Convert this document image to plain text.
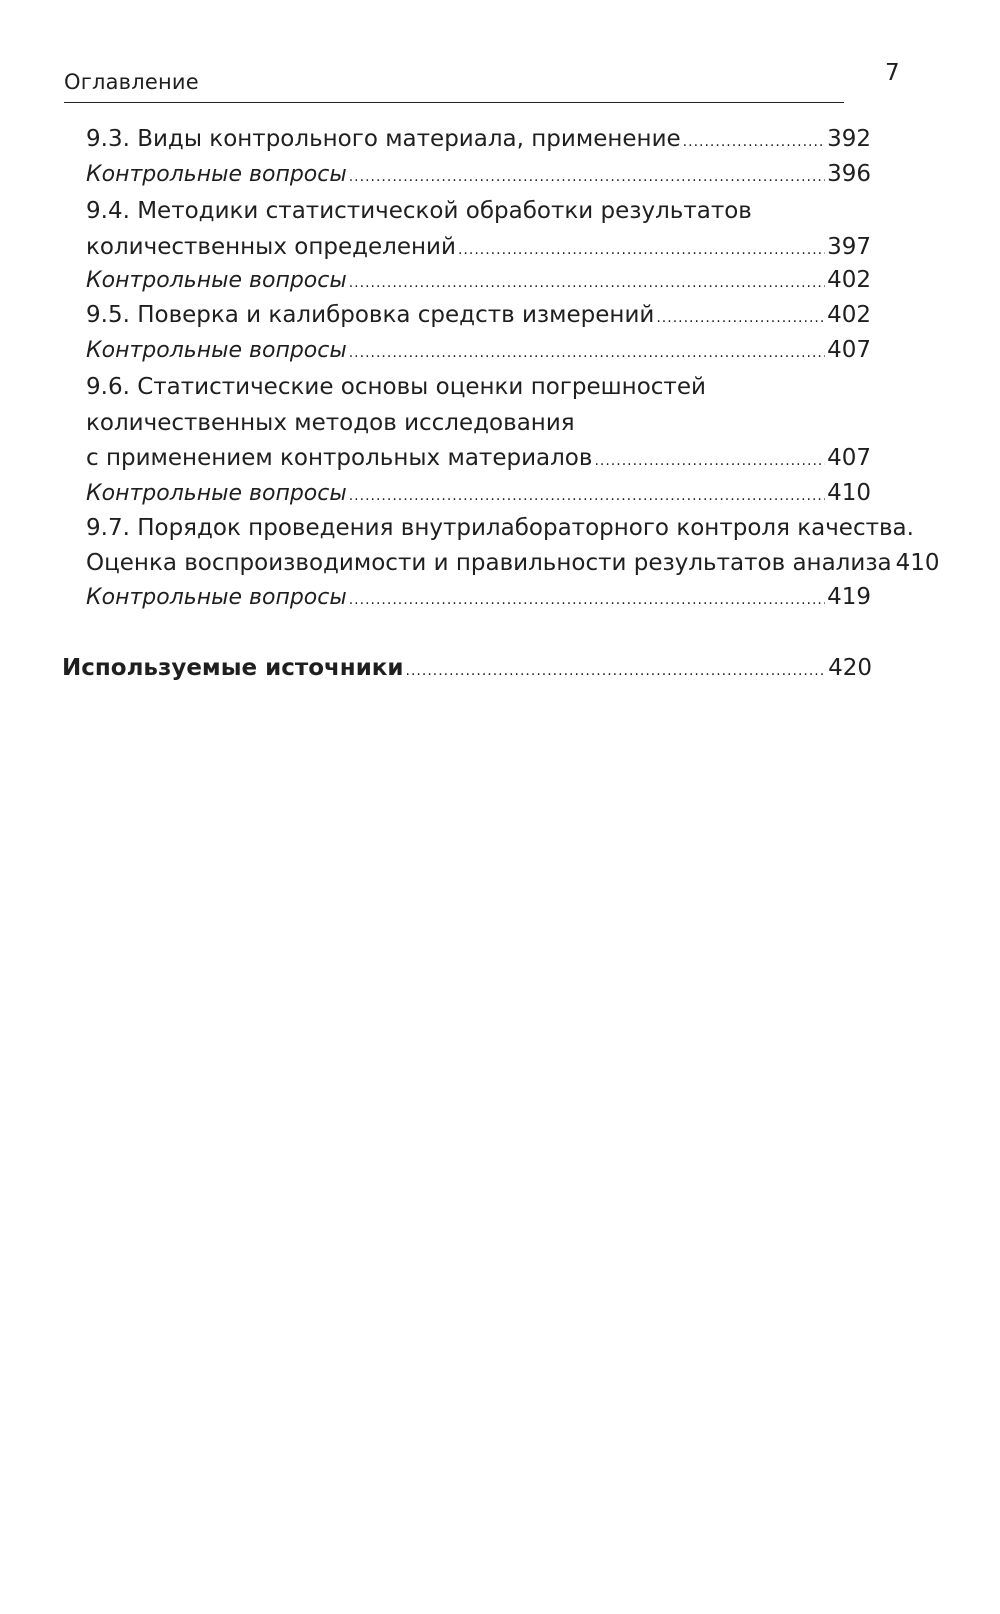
Оглавление	7
9.3. Виды контрольного материала, применение .....	392
Контрольные вопросы .....	396
9.4. Методики статистической обработки результатов
количественных определений .....	397
Контрольные вопросы .....	402
9.5. Поверка и калибровка средств измерений .....	402
Контрольные вопросы .....	407
9.6. Статистические основы оценки погрешностей
количественных методов исследования
с применением контрольных материалов .....	407
Контрольные вопросы .....	410
9.7. Порядок проведения внутрилабораторного контроля качества.
Оценка воспроизводимости и правильности результатов анализа 410
Контрольные вопросы .....	419
Используемые источники .....	420
